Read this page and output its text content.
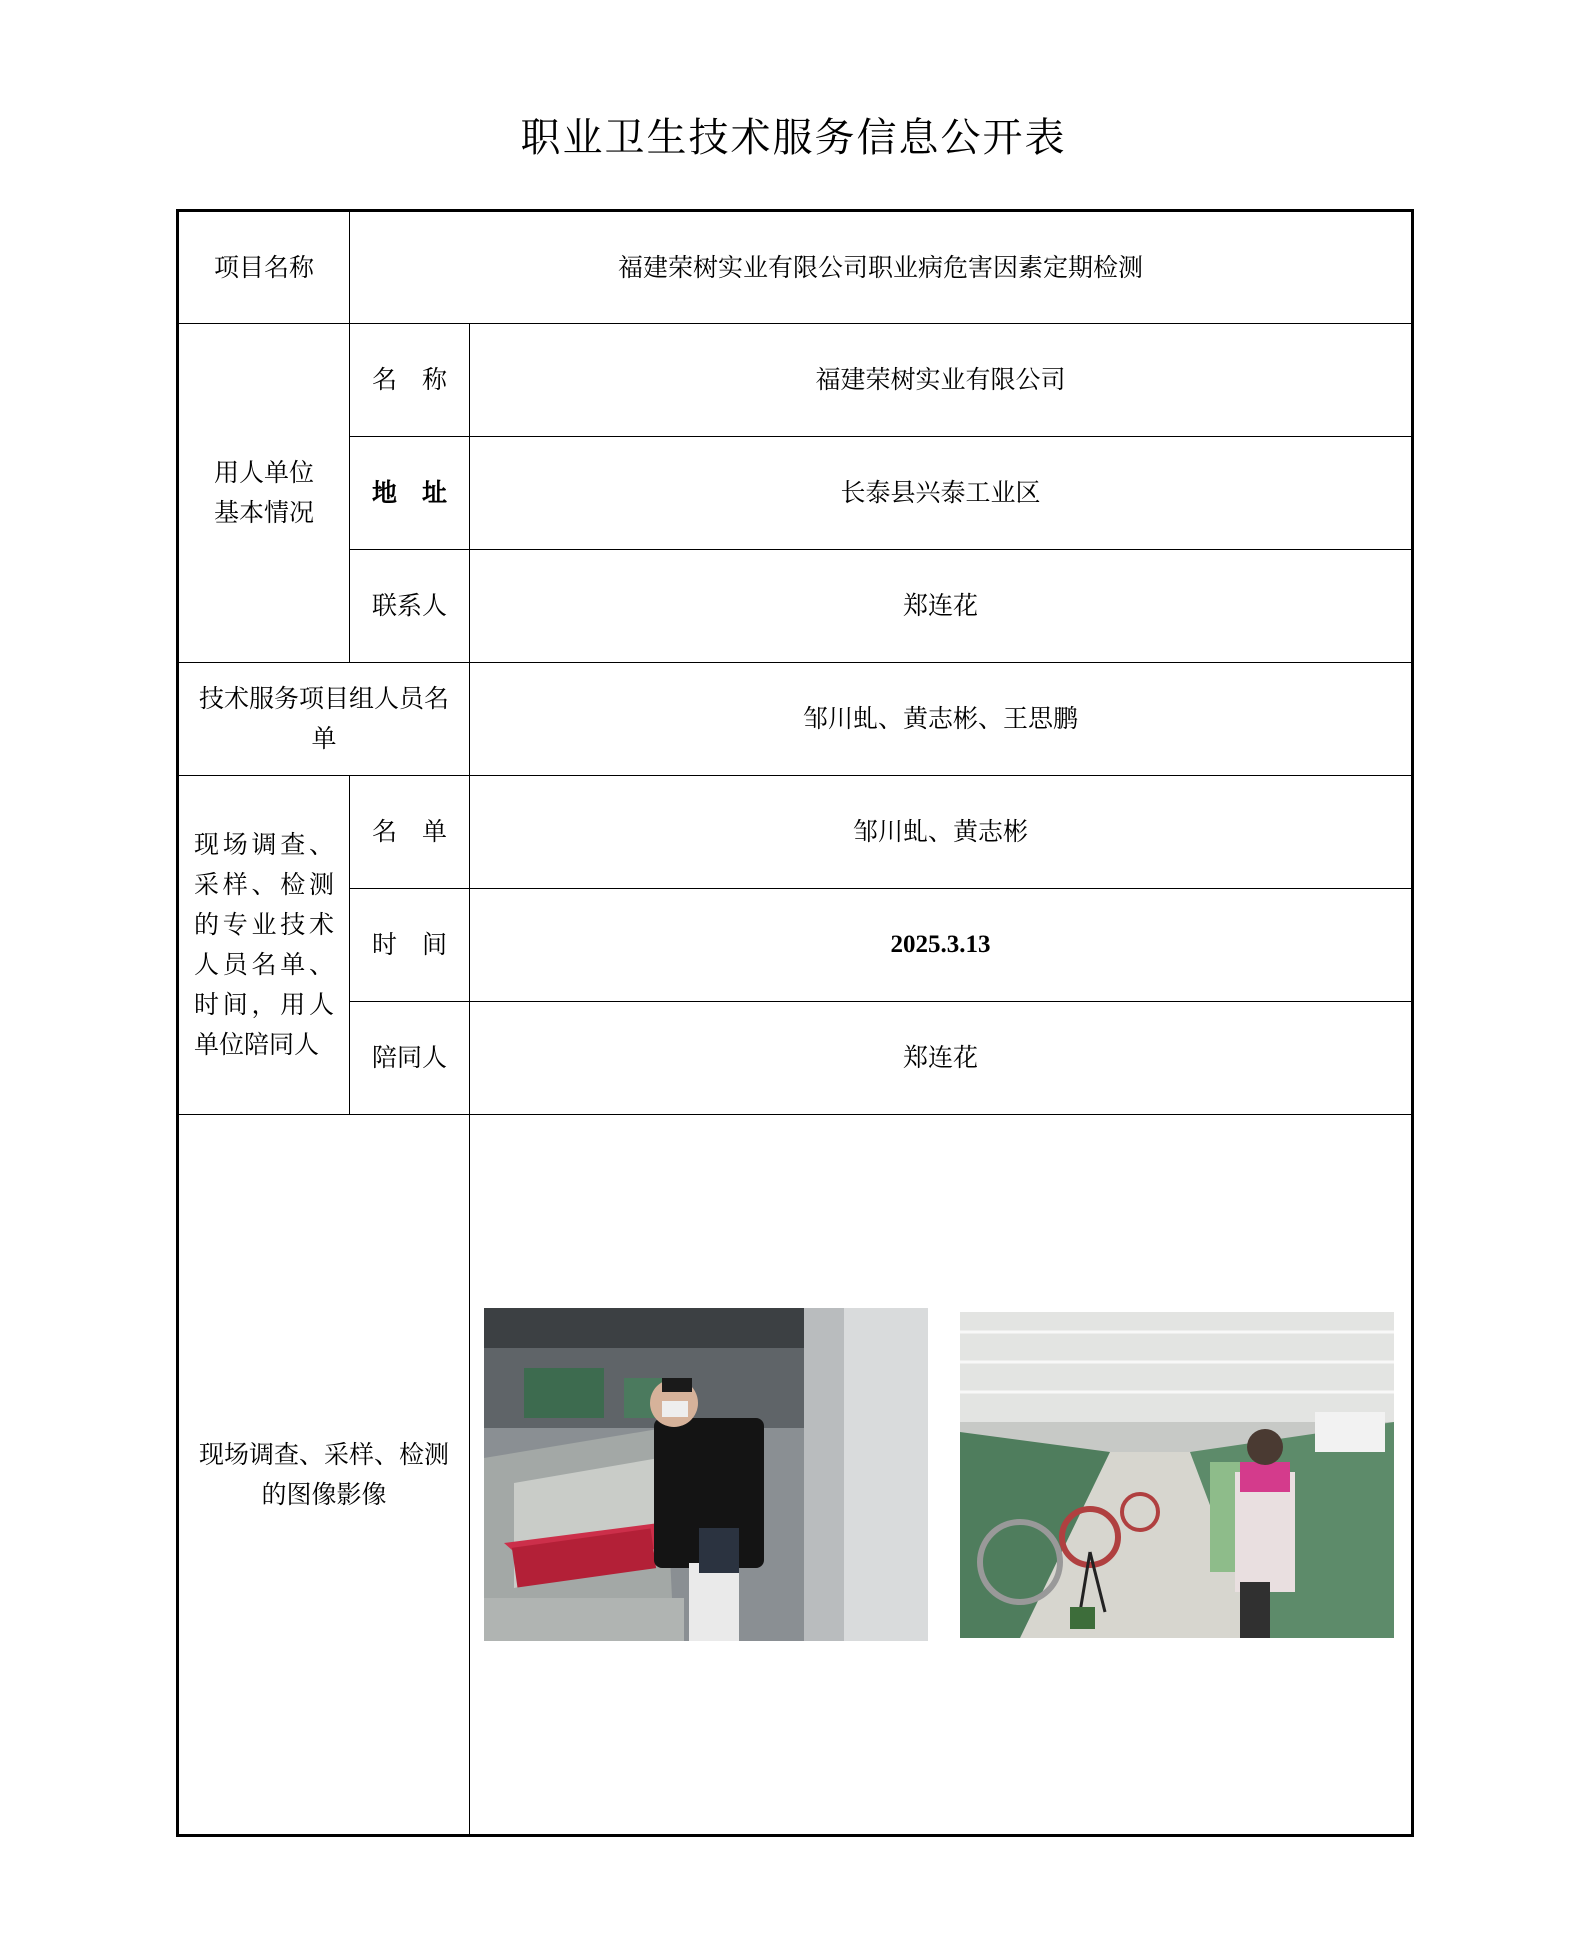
职业卫生技术服务信息公开表
项目名称	福建荣树实业有限公司职业病危害因素定期检测	

用人单位基本情况	名　称	福建荣树实业有限公司
	地　址	长泰县兴泰工业区
	联系人	郑连花

技术服务项目组人员名单		邹川虬、黄志彬、王思鹏

现场调查、采样、检测的专业技术人员名单、时间，用人单位陪同人	名　单	邹川虬、黄志彬
	时　间	2025.3.13
	陪同人	郑连花

现场调查、采样、检测的图像影像
